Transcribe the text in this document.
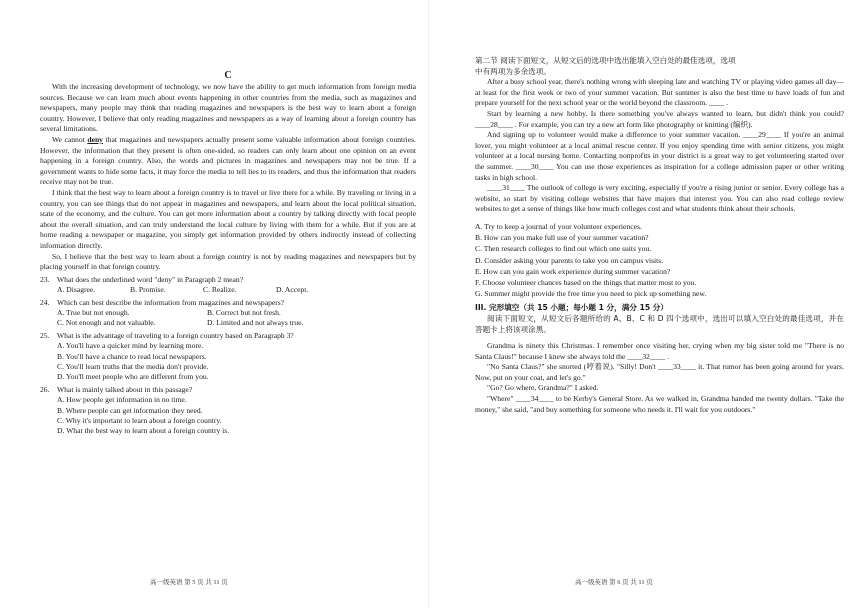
C

With the increasing development of technology, we now have the ability to get much information from foreign media sources. Because we can learn much about events happening in other countries from the media, such as magazines and newspapers, many people may think that reading magazines and newspapers is the best way to learn about a foreign country. However, I believe that only reading magazines and newspapers as a way of learning about a foreign country has several limitations.

We cannot deny that magazines and newspapers actually present some valuable information about foreign countries. However, the information that they present is often one-sided, so readers can only learn about one opinion on an event happening in a foreign country. Also, the words and pictures in magazines and newspapers may not be true. If a government wants to hide some facts, it may force the media to tell lies to its readers, and thus the information that readers receive may not be true.

I think that the best way to learn about a foreign country is to travel or live there for a while. By traveling or living in a country, you can see things that do not appear in magazines and newspapers, and learn about the local political situation, state of the economy, and the culture. You can get more information about a country by talking directly with local people about the overall situation, and can truly understand the local culture by living with them for a while. But if you are at home reading a newspaper or magazine, you simply get information provided by others indirectly instead of collecting information directly.

So, I believe that the best way to learn about a foreign country is not by reading magazines and newspapers but by placing yourself in that foreign country.

23. What does the underlined word "deny" in Paragraph 2 mean?
A. Disagree.	B. Promise.	C. Realize.	D. Accept.
24. Which can best describe the information from magazines and newspapers?
A. True but not enough.	B. Correct but not fresh.
C. Not enough and not valuable.	D. Limited and not always true.
25. What is the advantage of traveling to a foreign country based on Paragraph 3?
A. You'll have a quicker mind by learning more.
B. You'll have a chance to read local newspapers.
C. You'll learn truths that the media don't provide.
D. You'll meet people who are different from you.
26. What is mainly talked about in this passage?
A. How people get information in no time.
B. Where people can get information they need.
C. Why it's important to learn about a foreign country.
D. What the best way to learn about a foreign country is.
高一级英语 第 5 页 共 11 页
第二节 阅读下面短文，从短文后的选项中选出能填入空白处的最佳选项，选项
中有两项为多余选项。

After a busy school year, there's nothing wrong with sleeping late and watching TV or playing video games all day—at least for the first week or two of your summer vacation. But summer is also the best time to have loads of fun and prepare yourself for the next school year or the world beyond the classroom. ____ .

Start by learning a new hobby. Is there something you've always wanted to learn, but didn't think you could? ____28____ . For example, you can try a new art form like photography or knitting (编织).

And signing up to volunteer would make a difference to your summer vacation. ____29____ If you're an animal lover, you might volunteer at a local animal rescue center. If you enjoy spending time with senior citizens, you might volunteer at a local nursing home. Contacting nonprofits in your district is a great way to get volunteering started over the summer. ____30____ You can use those experiences as inspiration for a college admission paper or other writing tasks in high school.

____31____ The outlook of college is very exciting, especially if you're a rising junior or senior. Every college has a website, so start by visiting college websites that have majors that interest you. You can also read college review websites to get a sense of things like how much colleges cost and what students think about their schools.

A. Try to keep a journal of your volunteer experiences.
B. How can you make full use of your summer vacation?
C. Then research colleges to find out which one suits you.
D. Consider asking your parents to take you on campus visits.
E. How can you gain work experience during summer vacation?
F. Choose volunteer chances based on the things that matter most to you.
G. Summer might provide the free time you need to pick up something new.
III. 完形填空（共 15 小题；每小题 1 分，满分 15 分）

阅读下面短文，从短文后各题所给的 A、B、C 和 D 四个选项中，选出可以填入空白处的最佳选项，并在答题卡上将该项涂黑。

Grandma is ninety this Christmas. I remember once visiting her, crying when my big sister told me "There is no Santa Claus!" because I knew she always told the ____32____ .

"No Santa Claus?" she snorted (哼着说). "Silly! Don't ____33____ it. That rumor has been going around for years. Now, put on your coat, and let's go."

"Go? Go where, Grandma?" I asked.

"Where" ____34____ to be Kerby's General Store. As we walked in, Grandma handed me twenty dollars. "Take the money," she said, "and buy something for someone who needs it. I'll wait for you outdoors."

高一级英语 第 6 页 共 11 页
